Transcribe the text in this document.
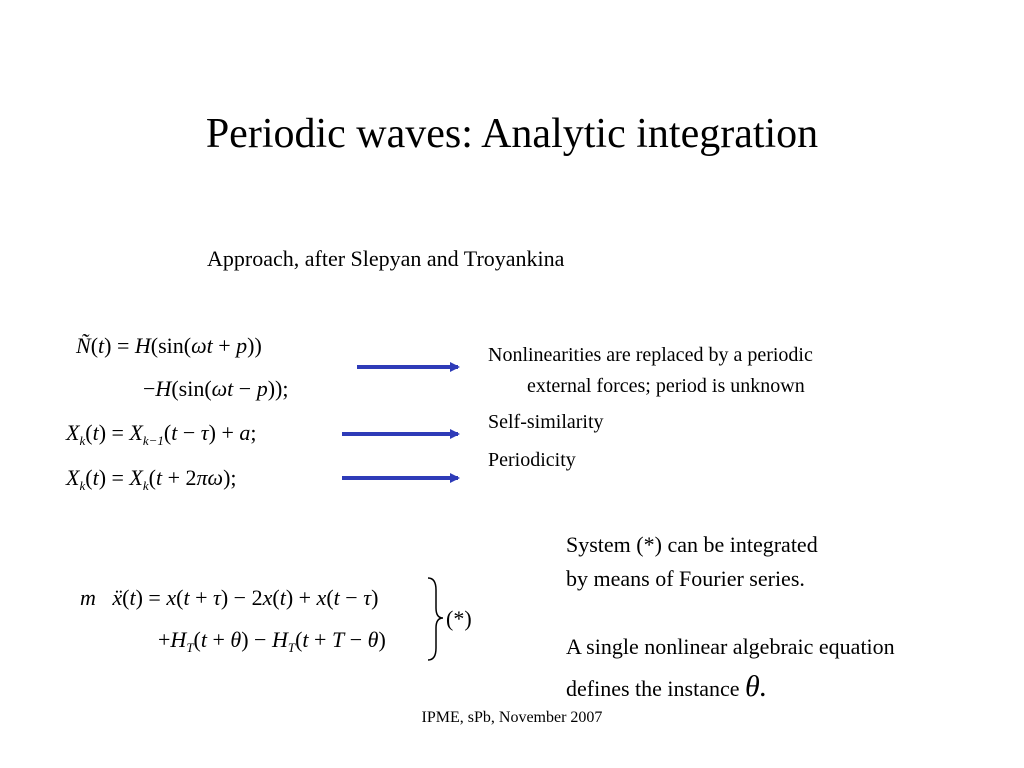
Periodic waves: Analytic integration
Approach, after Slepyan and Troyankina
Ñ(t) = H(sin(ωt + p))
−H(sin(ωt − p));
$X_k(t) = X_{k-1}(t - \tau) + a$;
$X_k(t) = X_k(t + 2\pi\omega)$;
Nonlinearities are replaced by a periodic
external forces; period is unknown
Self-similarity
Periodicity
m ẍ(t) = x(t + τ) − 2x(t) + x(t − τ)
$+H_T(t + \theta) - H_T(t + T - \theta)$
(*)
System (*) can be integrated
by means of Fourier series.
A single nonlinear algebraic equation
defines the instance θ.
IPME, sPb, November 2007
